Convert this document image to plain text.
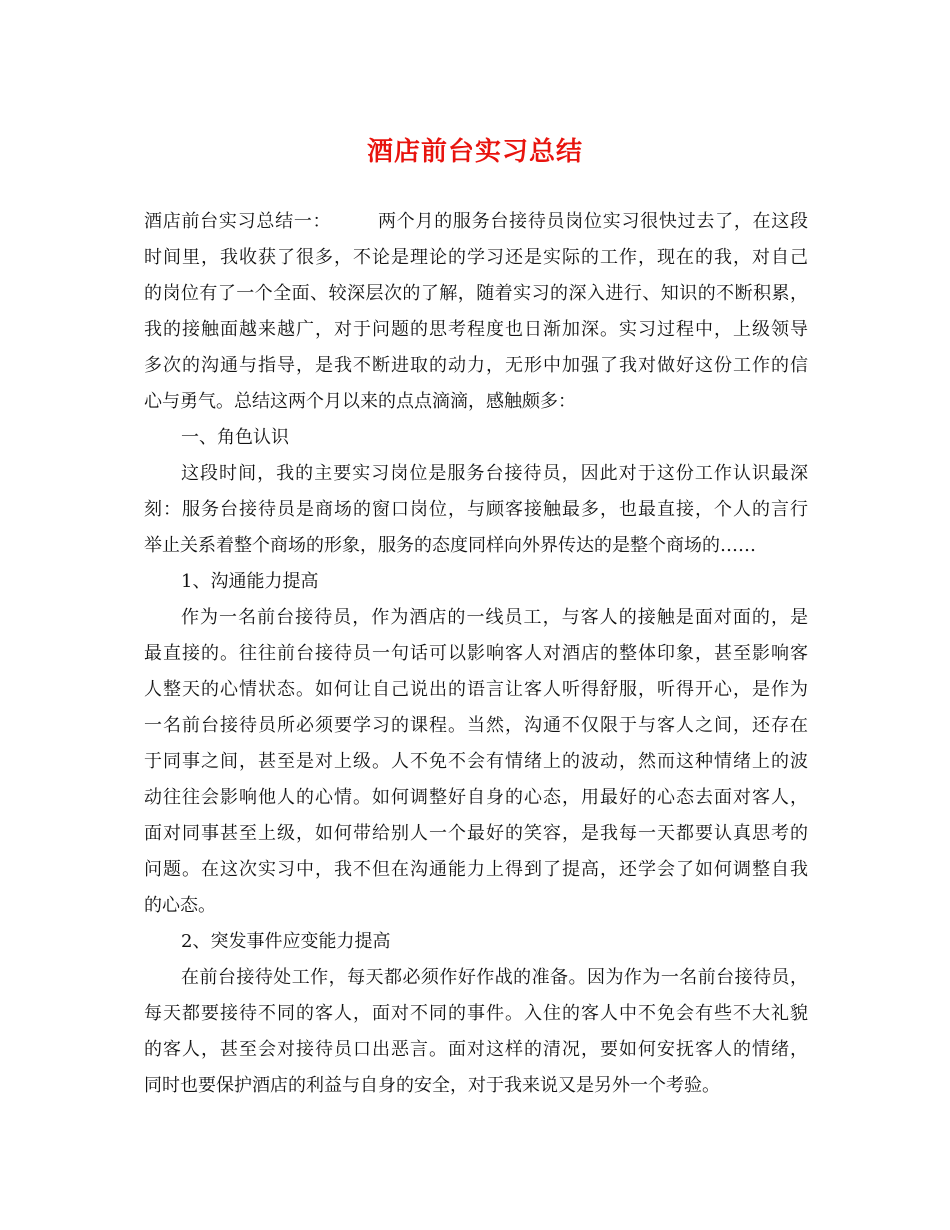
酒店前台实习总结
酒店前台实习总结一：	两个月的服务台接待员岗位实习很快过去了，在这段
时间里，我收获了很多，不论是理论的学习还是实际的工作，现在的我，对自己
的岗位有了一个全面、较深层次的了解，随着实习的深入进行、知识的不断积累，
我的接触面越来越广，对于问题的思考程度也日渐加深。实习过程中，上级领导
多次的沟通与指导，是我不断进取的动力，无形中加强了我对做好这份工作的信
心与勇气。总结这两个月以来的点点滴滴，感触颇多：
一、角色认识
这段时间，我的主要实习岗位是服务台接待员，因此对于这份工作认识最深
刻：服务台接待员是商场的窗口岗位，与顾客接触最多，也最直接，个人的言行
举止关系着整个商场的形象，服务的态度同样向外界传达的是整个商场的……
1、沟通能力提高
作为一名前台接待员，作为酒店的一线员工，与客人的接触是面对面的，是
最直接的。往往前台接待员一句话可以影响客人对酒店的整体印象，甚至影响客
人整天的心情状态。如何让自己说出的语言让客人听得舒服，听得开心，是作为
一名前台接待员所必须要学习的课程。当然，沟通不仅限于与客人之间，还存在
于同事之间，甚至是对上级。人不免不会有情绪上的波动，然而这种情绪上的波
动往往会影响他人的心情。如何调整好自身的心态，用最好的心态去面对客人，
面对同事甚至上级，如何带给别人一个最好的笑容，是我每一天都要认真思考的
问题。在这次实习中，我不但在沟通能力上得到了提高，还学会了如何调整自我
的心态。
2、突发事件应变能力提高
在前台接待处工作，每天都必须作好作战的准备。因为作为一名前台接待员，
每天都要接待不同的客人，面对不同的事件。入住的客人中不免会有些不大礼貌
的客人，甚至会对接待员口出恶言。面对这样的清况，要如何安抚客人的情绪，
同时也要保护酒店的利益与自身的安全，对于我来说又是另外一个考验。
